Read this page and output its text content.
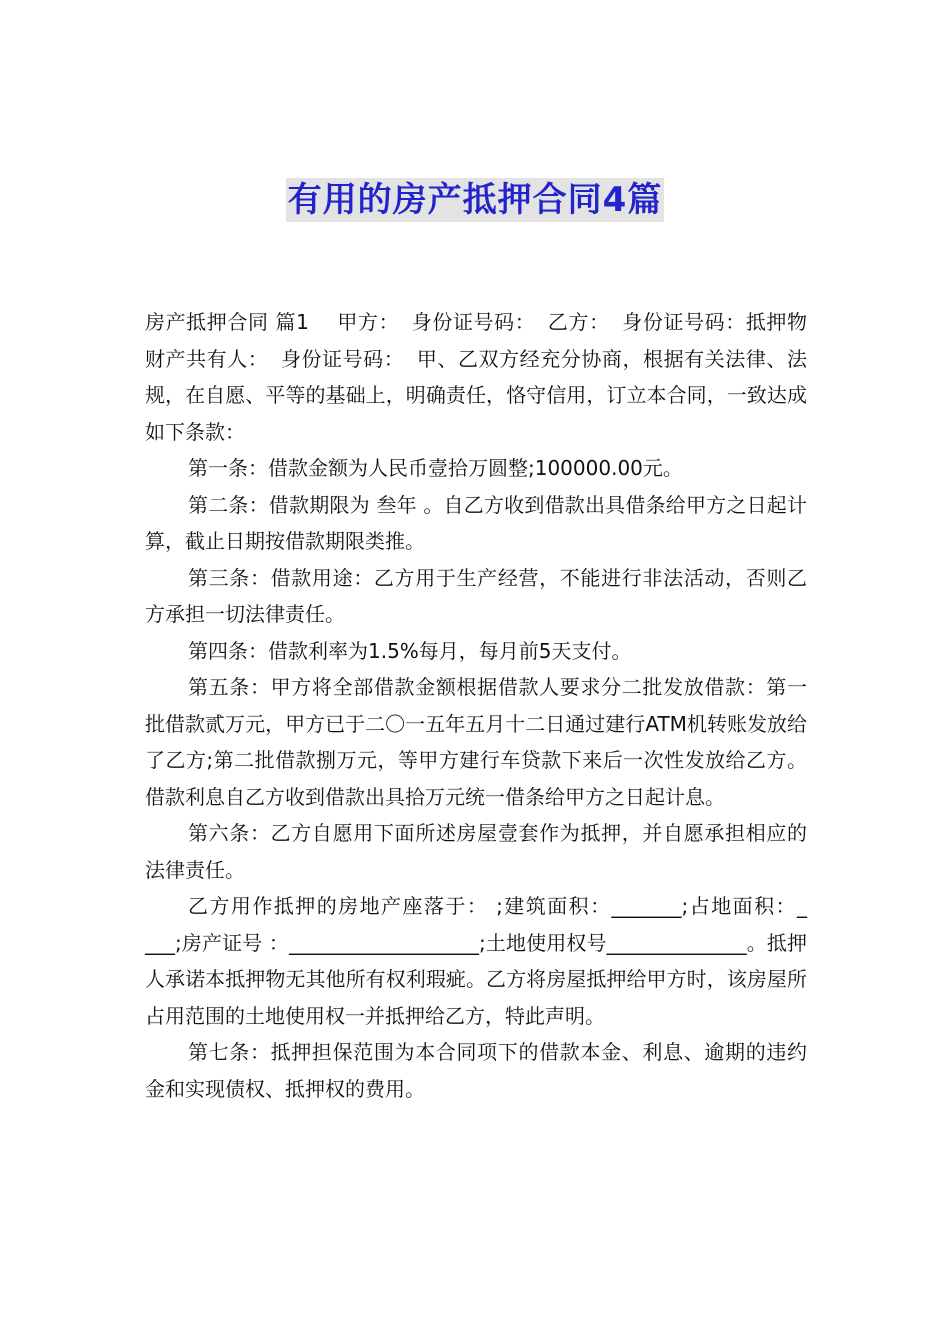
有用的房产抵押合同4篇

房产抵押合同 篇1 甲方： 身份证号码： 乙方： 身份证号码：抵押物财产共有人： 身份证号码： 甲、乙双方经充分协商，根据有关法律、法规，在自愿、平等的基础上，明确责任，恪守信用，订立本合同，一致达成如下条款：

第一条：借款金额为人民币壹拾万圆整;100000.00元。

第二条：借款期限为 叁年 。自乙方收到借款出具借条给甲方之日起计算，截止日期按借款期限类推。

第三条：借款用途：乙方用于生产经营，不能进行非法活动，否则乙方承担一切法律责任。

第四条：借款利率为1.5%每月，每月前5天支付。

第五条：甲方将全部借款金额根据借款人要求分二批发放借款：第一批借款贰万元，甲方已于二〇一五年五月十二日通过建行ATM机转账发放给了乙方;第二批借款捌万元，等甲方建行车贷款下来后一次性发放给乙方。借款利息自乙方收到借款出具拾万元统一借条给甲方之日起计息。

第六条：乙方自愿用下面所述房屋壹套作为抵押，并自愿承担相应的法律责任。

乙方用作抵押的房地产座落于： ;建筑面积：_______;占地面积：_ ___;房产证号 ：___________________;土地使用权号______________。抵押人承诺本抵押物无其他所有权利瑕疵。乙方将房屋抵押给甲方时，该房屋所占用范围的土地使用权一并抵押给乙方，特此声明。

第七条：抵押担保范围为本合同项下的借款本金、利息、逾期的违约金和实现债权、抵押权的费用。
